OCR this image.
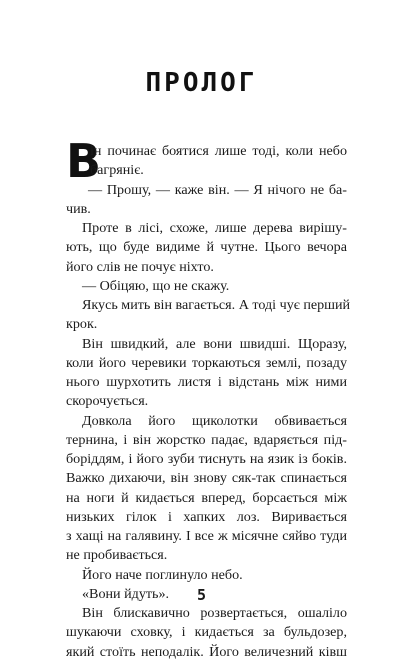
ПРОЛОГ
В
ін починає боятися лише тоді, коли небо
багряніє.
— Прошу, — каже він. — Я нічого не ба-
чив.
Проте в лісі, схоже, лише дерева вирішу-
ють, що буде видиме й чутне. Цього вечора
його слів не почує ніхто.
— Обіцяю, що не скажу.
Якусь мить він вагається. А тоді чує перший
крок.
Він швидкий, але вони швидші. Щоразу,
коли його черевики торкаються землі, позаду
нього шурхотить листя і відстань між ними
скорочується.
Довкола його щиколотки обвивається
тернина, і він жорстко падає, вдаряється під-
боріддям, і його зуби тиснуть на язик із боків.
Важко дихаючи, він знову сяк-так спинається
на ноги й кидається вперед, борсається між
низьких гілок і хапких лоз. Виривається
з хащі на галявину. І все ж місячне сяйво туди
не пробивається.
Його наче поглинуло небо.
«Вони йдуть».
Він блискавично розвертається, ошаліло
шукаючи сховку, і кидається за бульдозер,
який стоїть неподалік. Його величезний ківш
5
